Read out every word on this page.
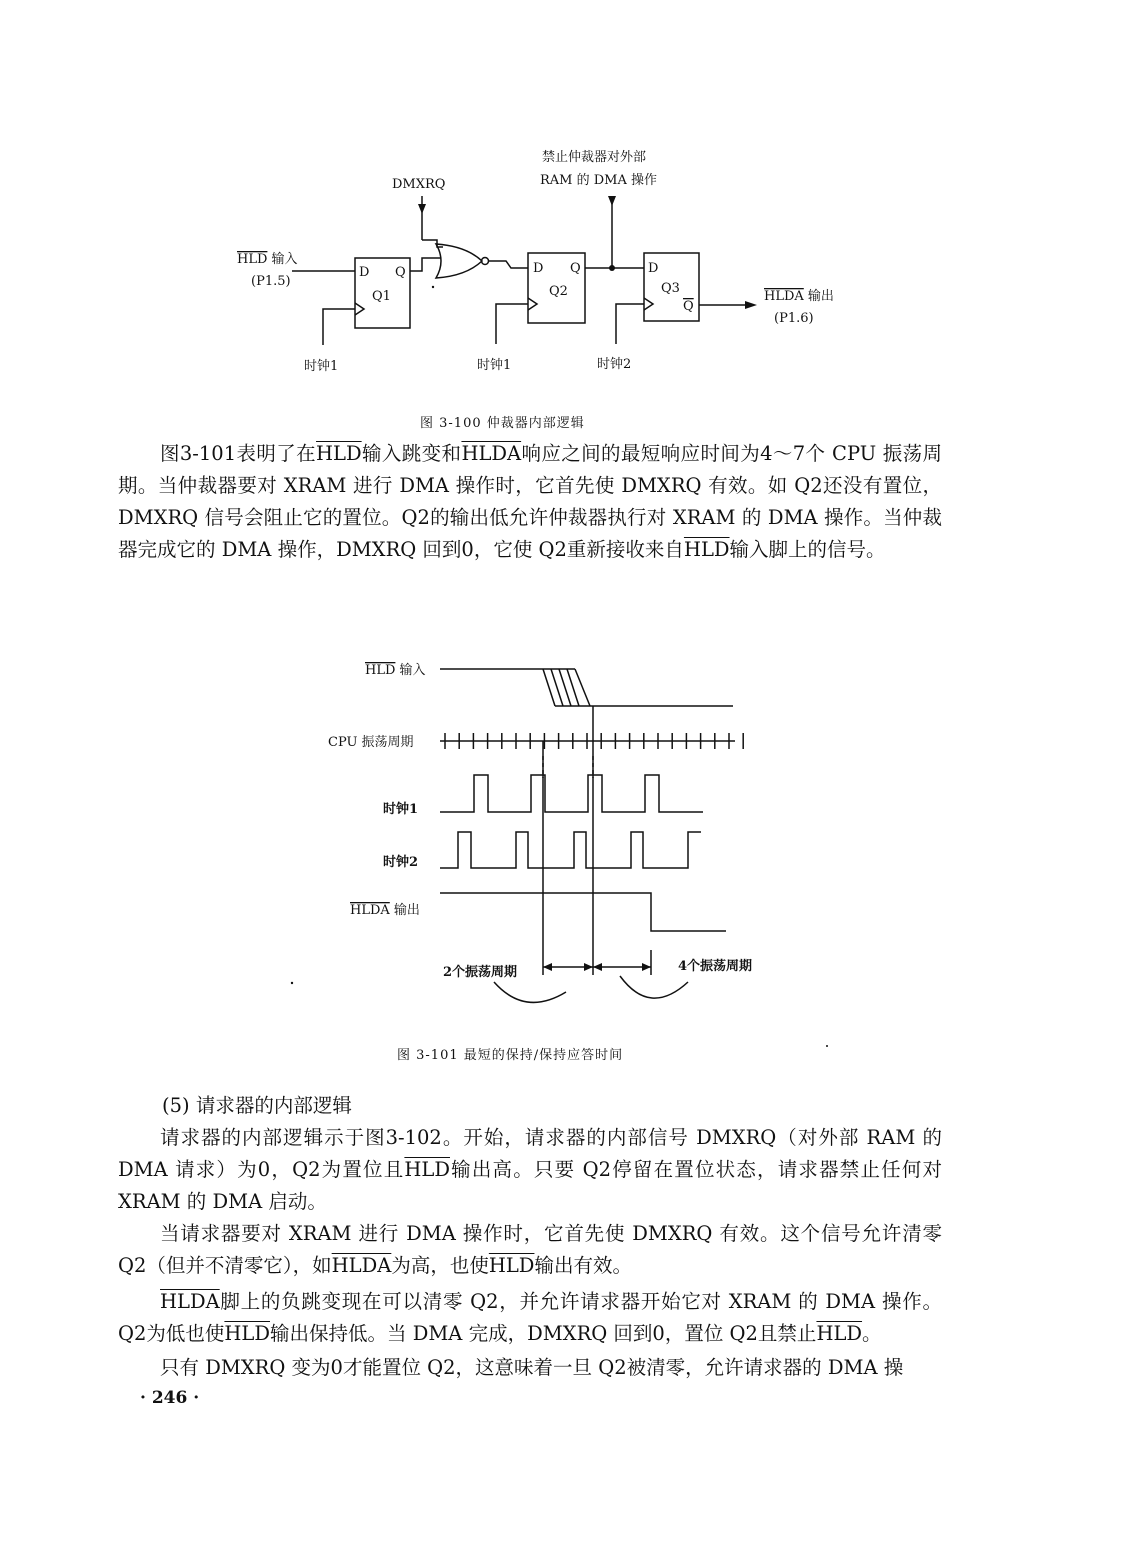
DMXRQ
禁止仲裁器对外部
RAM 的 DMA 操作
HLD 输入
(P1.5)
D Q
Q1
D Q
Q2
D
Q3
Q
时钟1	时钟1	时钟2
HLDA 输出
(P1.6)
图 3-100 仲裁器内部逻辑

图3-101表明了在$\overline{HLD}$输入跳变和HLDA响应之间的最短响应时间为4～7个 CPU 振荡周期。当仲裁器要对 XRAM 进行 DMA 操作时，它首先使 DMXRQ 有效。如 Q2还没有置位，DMXRQ 信号会阻止它的置位。Q2的输出低允许仲裁器执行对 XRAM 的 DMA 操作。当仲裁器完成它的 DMA 操作，DMXRQ 回到0，它使 Q2重新接收来自$\overline{HLD}$输入脚上的信号。

HLD 输入
CPU 振荡周期
时钟1
时钟2
HLDA 输出
2个振荡周期	4个振荡周期
图 3-101 最短的保持/保持应答时间

(5) 请求器的内部逻辑

请求器的内部逻辑示于图3-102。开始，请求器的内部信号 DMXRQ（对外部 RAM 的 DMA 请求）为0，Q2为置位且$\overline{HLD}$输出高。只要 Q2停留在置位状态，请求器禁止任何对 XRAM 的 DMA 启动。

当请求器要对 XRAM 进行 DMA 操作时，它首先使 DMXRQ 有效。这个信号允许清零 Q2（但并不清零它），如HLDA为高，也使$\overline{HLD}$输出有效。

HLDA脚上的负跳变现在可以清零 Q2，并允许请求器开始它对 XRAM 的 DMA 操作。Q2为低也使$\overline{HLD}$输出保持低。当 DMA 完成，DMXRQ 回到0，置位 Q2且禁止$\overline{HLD}$。

只有 DMXRQ 变为0才能置位 Q2，这意味着一旦 Q2被清零，允许请求器的 DMA 操

· 246 ·
